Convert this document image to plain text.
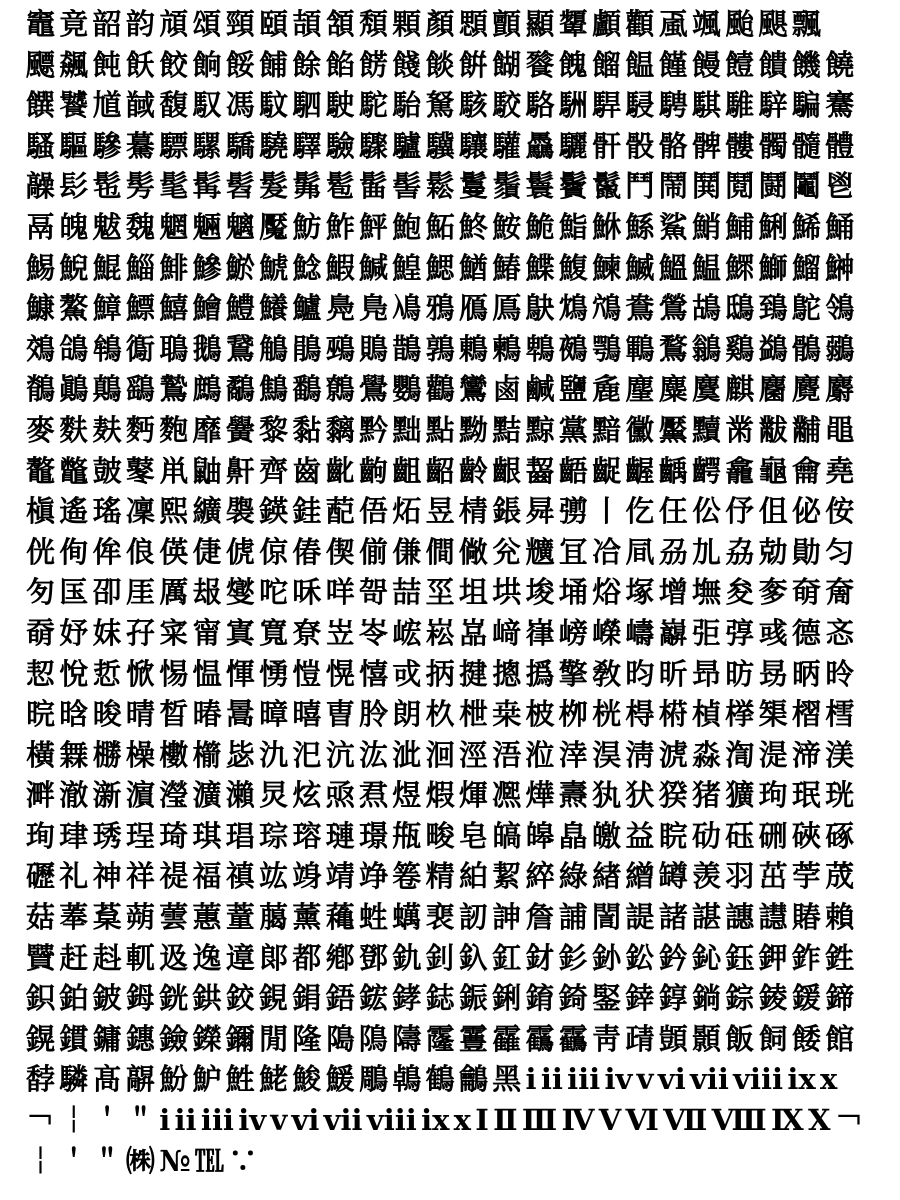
竈竟韶韵頏頌頸頤頡頷頽顆顏顋顫顯顰顱顴颪颯颱颶飄
飃飆飩飫餃餉餒餔餘餡餝餞餤餠餬餮餽餾饂饉饅饐饋饑饒
饌饕馗馘馥馭馮馼駟駛駝駘駑駭駮駱駲駻駸騁騏騅騂騙騫
騷驅驂驀驃騾驕驍驛驗驟驢驥驤驩驫驪骭骰骼髀髏髑髓體
髞髟髢髣髦髯髫髮髴髱髷髻鬆鬘鬚鬟鬢鬣鬥鬧鬨鬩鬪鬮鬯
鬲魄魃魏魍魎魑魘魴鮓鮃鮑鮖鮗鮟鮠鮨鮴鯀鯊鮹鯆鯏鯑鯒
鯣鯢鯤鯔鯡鰺鯲鯱鯰鰕鰔鰉鰓鰌鰆鰈鰒鰊鰄鰮鰛鰥鰤鰡鰰
鱇鰲鱆鰾鱚鱠鱧鱶鱸鳧鳬鳰鴉鴈鳫鴃鴆鴪鴦鶯鴣鴟鵄鴕鴒
鵁鴿鴾鵆鵈鵝鵞鵤鵑鵐鵙鵲鶉鶇鶫鵯鵺鶚鶤鶩鶲鷄鷁鶻鶸
鶺鷆鷏鷂鷙鷓鷸鷦鷭鷯鷽鸚鸛鸞鹵鹹鹽麁麈麋麌麒麕麑麝
麥麩麸麪麭靡黌黎黏黐黔黜點黝黠黥黨黯黴黶黷黹黻黼黽
鼇鼈皷鼕鼡鼬鼾齊齒齔齣齟齠齡齦齧齬齪齷齲齶龕龜龠堯
槇遙瑤凜熙纊褜鍈銈蓜俉炻昱棈鋹曻彅丨仡仼伀伃伹佖侒
侊侚侔俍偀倢俿倞偆偰偂傔僴僘兊兤冝冾凬刕劜劦勀勛匀
匇匤卲厓厲叝燮咜咊咩哿喆坙坥垬埈埇焀塚增墲夋奓奛奝
奣妤妺孖寀甯寘寬尞岦岺峵崧嵓﨑嵂嵭嶸嶹巐弡弴彧德忞
恝悅悊惞惕愠惲愑愷愰憘戓抦揵摠撝擎敎昀昕昻昉昮昞昤
晥晗晙晴晳暙暠暲暿曺朎朗杦枻桒柀栁桄棏﨓楨﨔榘槢樰
橫橆橳橾櫢櫤毖氿汜沆汯泚洄涇浯涖涬淏淸淲淼渹湜渧渼
溿澈澵濵瀅瀇瀨炅炫焏焄煜煆煇凞燁燾犱犾猤猪獷玽珉珖
珣珒琇珵琦琪琩琮瑢璉璟甁畯皂皜皞皛皦益睆劯砡硎硤硺
礰礼神祥禔福禛竑竧靖竫箞精絈絜綷綠緖繒罇羡羽茁荢荿
菇菶葈蒴蕓蕙蕫﨟薰蘒﨡蠇裵訒訷詹誧誾諟諸諶譓譿賰賴
贒赶﨣軏﨤逸遧郞都鄕鄧釚釗釞釭釮釤釥鈆鈐鈊鈺鉀鈼鉎
鉙鉑鈹鉧銧鉷鉸鋧鋗鋙鋐﨧鋕鋠鋓錥錡鋻﨨錞鋿錝錂鍰鍗
鎤鏆鏞鏸鐱鑅鑈閒隆﨩隝隯霳霻靃靍靏靑靕顗顥飯飼餧館
馞驎髙髜魵魲鮏鮱鮻鰀鵰鵫鶴鸙黑ⅰⅱⅲⅳⅴⅵⅶⅷⅸⅹ
￢￤＇＂ⅰⅱⅲⅳⅴⅵⅶⅷⅸⅹⅠⅡⅢⅣⅤⅥⅦⅧⅨⅩ￢
￤＇＂㈱№℡∵
